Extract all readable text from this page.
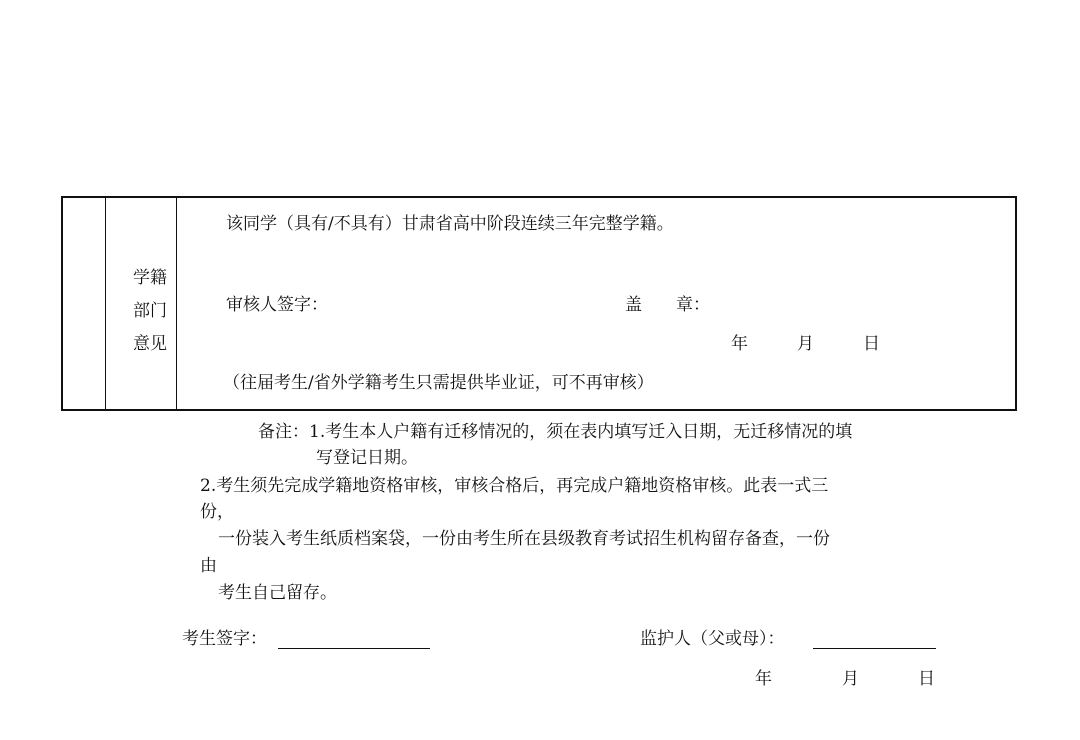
学籍
部门
意见
该同学（具有/不具有）甘肃省高中阶段连续三年完整学籍。
审核人签字：	盖　　章：
年	月	日
（往届考生/省外学籍考生只需提供毕业证，可不再审核）
备注：1.考生本人户籍有迁移情况的，须在表内填写迁入日期，无迁移情况的填
写登记日期。
2.考生须先完成学籍地资格审核，审核合格后，再完成户籍地资格审核。此表一式三
份，
一份装入考生纸质档案袋，一份由考生所在县级教育考试招生机构留存备查，一份
由
考生自己留存。
考生签字：	监护人（父或母）：
年	月	日
